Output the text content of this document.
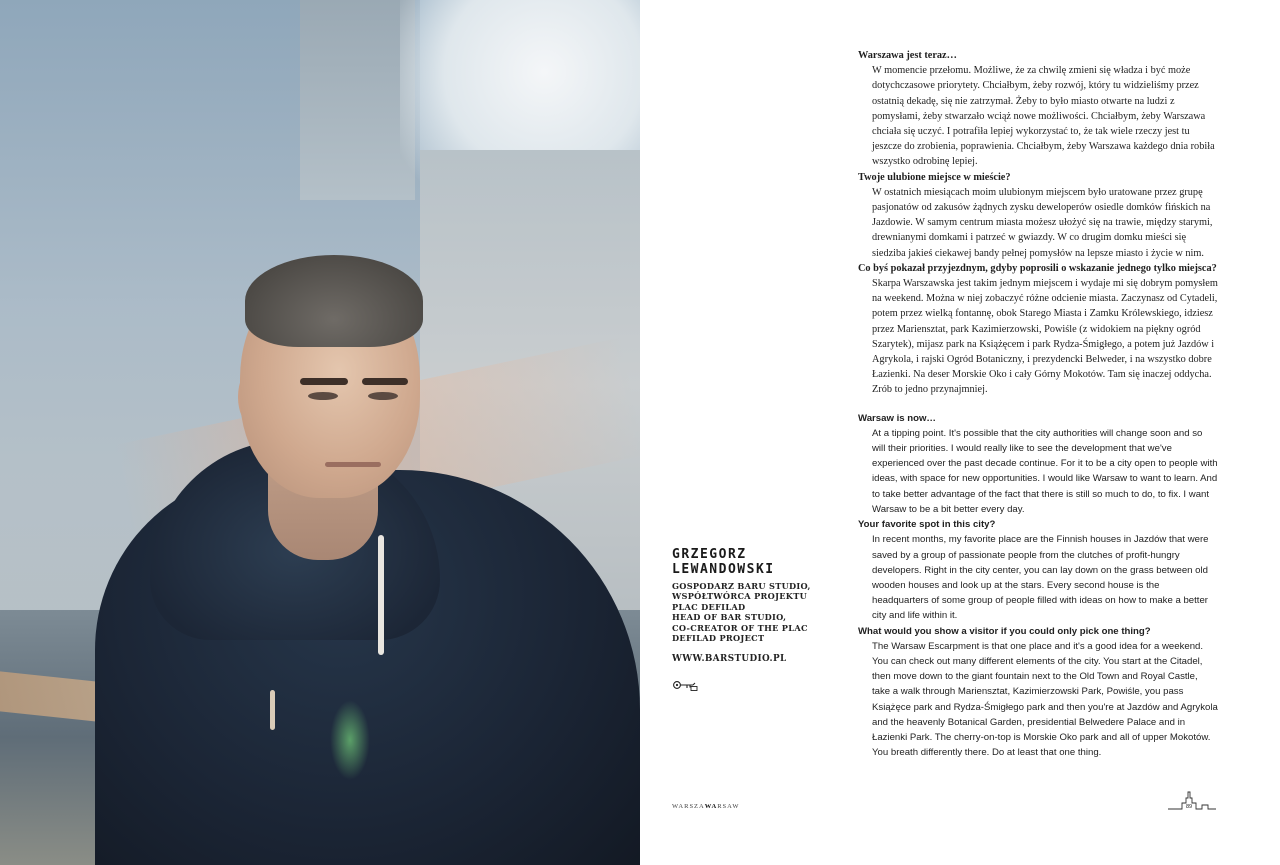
GRZEGORZ
LEWANDOWSKI
GOSPODARZ BARU STUDIO,
WSPÓŁTWÓRCA PROJEKTU
PLAC DEFILAD
HEAD OF BAR STUDIO,
CO-CREATOR OF THE PLAC
DEFILAD PROJECT
WWW.BARSTUDIO.PL
Warszawa jest teraz…
W momencie przełomu. Możliwe, że za chwilę zmieni się władza i być może dotychczasowe priorytety. Chciałbym, żeby rozwój, który tu widzieliśmy przez ostatnią dekadę, się nie zatrzymał. Żeby to było miasto otwarte na ludzi z pomysłami, żeby stwarzało wciąż nowe możliwości. Chciałbym, żeby Warszawa chciała się uczyć. I potrafiła lepiej wykorzystać to, że tak wiele rzeczy jest tu jeszcze do zrobienia, poprawienia. Chciałbym, żeby Warszawa każdego dnia robiła wszystko odrobinę lepiej.
Twoje ulubione miejsce w mieście?
W ostatnich miesiącach moim ulubionym miejscem było uratowane przez grupę pasjonatów od zakusów żądnych zysku deweloperów osiedle domków fińskich na Jazdowie. W samym centrum miasta możesz ułożyć się na trawie, między starymi, drewnianymi domkami i patrzeć w gwiazdy. W co drugim domku mieści się siedziba jakieś ciekawej bandy pełnej pomysłów na lepsze miasto i życie w nim.
Co byś pokazał przyjezdnym, gdyby poprosili o wskazanie jednego tylko miejsca?
Skarpa Warszawska jest takim jednym miejscem i wydaje mi się dobrym pomysłem na weekend. Można w niej zobaczyć różne odcienie miasta. Zaczynasz od Cytadeli, potem przez wielką fontannę, obok Starego Miasta i Zamku Królewskiego, idziesz przez Mariensztat, park Kazimierzowski, Powiśle (z widokiem na piękny ogród Szarytek), mijasz park na Książęcem i park Rydza-Śmigłego, a potem już Jazdów i Agrykola, i rajski Ogród Botaniczny, i prezydencki Belweder, i na wszystko dobre Łazienki. Na deser Morskie Oko i cały Górny Mokotów. Tam się inaczej oddycha. Zrób to jedno przynajmniej.
Warsaw is now…
At a tipping point. It's possible that the city authorities will change soon and so will their priorities. I would really like to see the development that we've experienced over the past decade continue. For it to be a city open to people with ideas, with space for new opportunities. I would like Warsaw to want to learn. And to take better advantage of the fact that there is still so much to do, to fix. I want Warsaw to be a bit better every day.
Your favorite spot in this city?
In recent months, my favorite place are the Finnish houses in Jazdów that were saved by a group of passionate people from the clutches of profit-hungry developers. Right in the city center, you can lay down on the grass between old wooden houses and look up at the stars. Every second house is the headquarters of some group of people filled with ideas on how to make a better city and life within it.
What would you show a visitor if you could only pick one thing?
The Warsaw Escarpment is that one place and it's a good idea for a weekend. You can check out many different elements of the city. You start at the Citadel, then move down to the giant fountain next to the Old Town and Royal Castle, take a walk through Mariensztat, Kazimierzowski Park, Powiśle, you pass Książęce park and Rydza-Śmigłego park and then you're at Jazdów and Agrykola and the heavenly Botanical Garden, presidential Belwedere Palace and in Łazienki Park. The cherry-on-top is Morskie Oko park and all of upper Mokotów. You breath differently there. Do at least that one thing.
WARSZAWARSAW	89
